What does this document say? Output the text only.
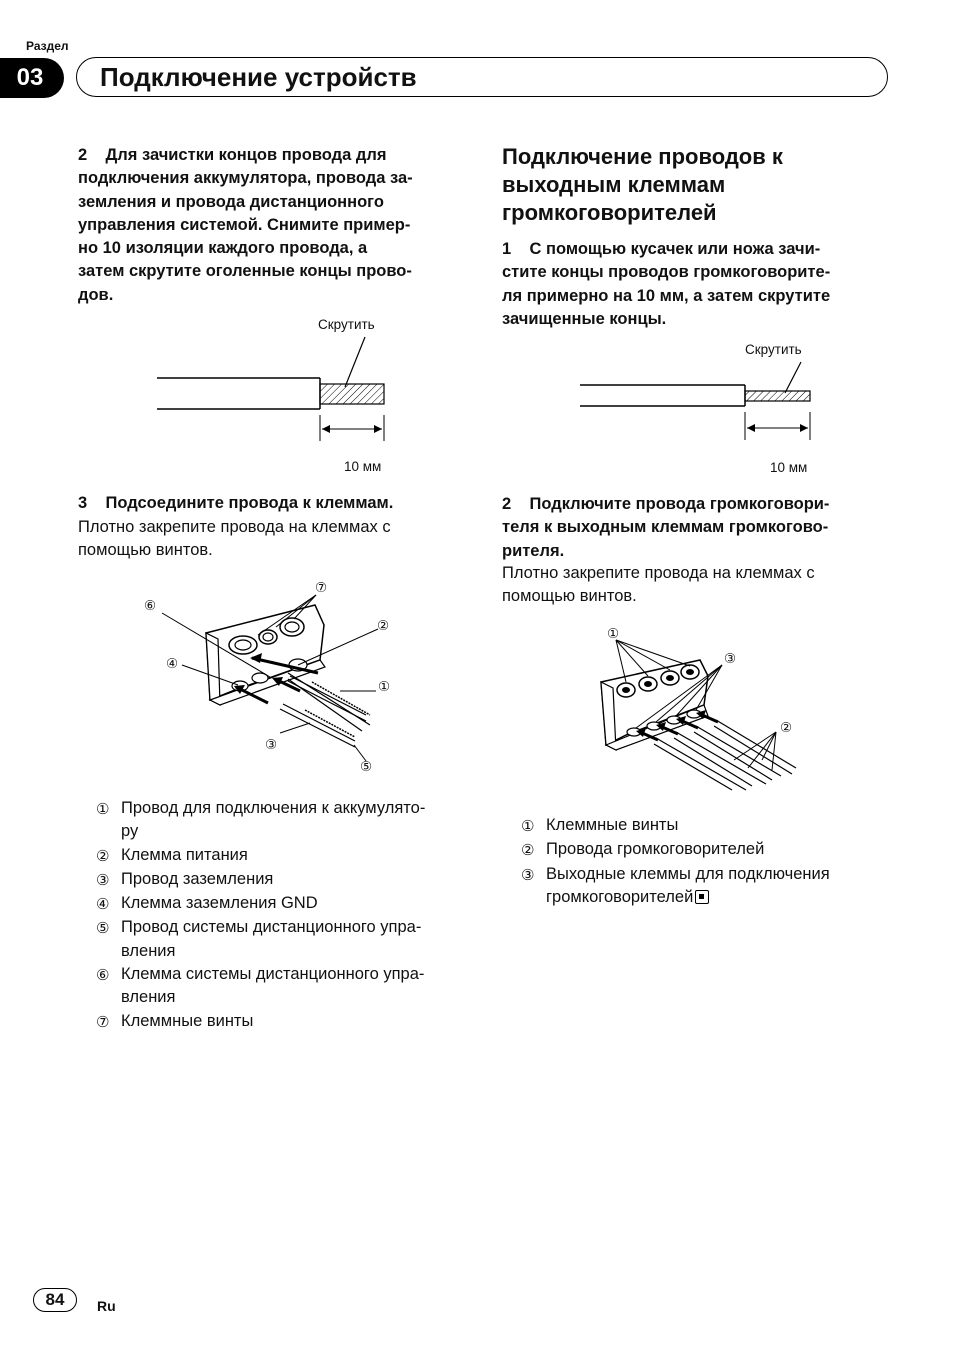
Раздел
03	Подключение устройств
2    Для зачистки концов провода для
подключения аккумулятора, провода за-
земления и провода дистанционного
управления системой. Снимите пример-
но 10 изоляции каждого провода, а
затем скрутите оголенные концы прово-
дов.
Скрутить
10 мм
3    Подсоедините провода к клеммам.
Плотно закрепите провода на клеммах с
помощью винтов.
⑥
⑦
②
④
①
③
⑤
① Провод для подключения к аккумулято-
ру
② Клемма питания
③ Провод заземления
④ Клемма заземления GND
⑤ Провод системы дистанционного упра-
вления
⑥ Клемма системы дистанционного упра-
вления
⑦ Клеммные винты
Подключение проводов к
выходным клеммам
громкоговорителей
1    С помощью кусачек или ножа зачи-
стите концы проводов громкоговорите-
ля примерно на 10 мм, а затем скрутите
зачищенные концы.
Скрутить
10 мм
2    Подключите провода громкоговори-
теля к выходным клеммам громкогово-
рителя.
Плотно закрепите провода на клеммах с
помощью винтов.
①
③
②
① Клеммные винты
② Провода громкоговорителей
③ Выходные клеммы для подключения
громкоговорителей
84	Ru
